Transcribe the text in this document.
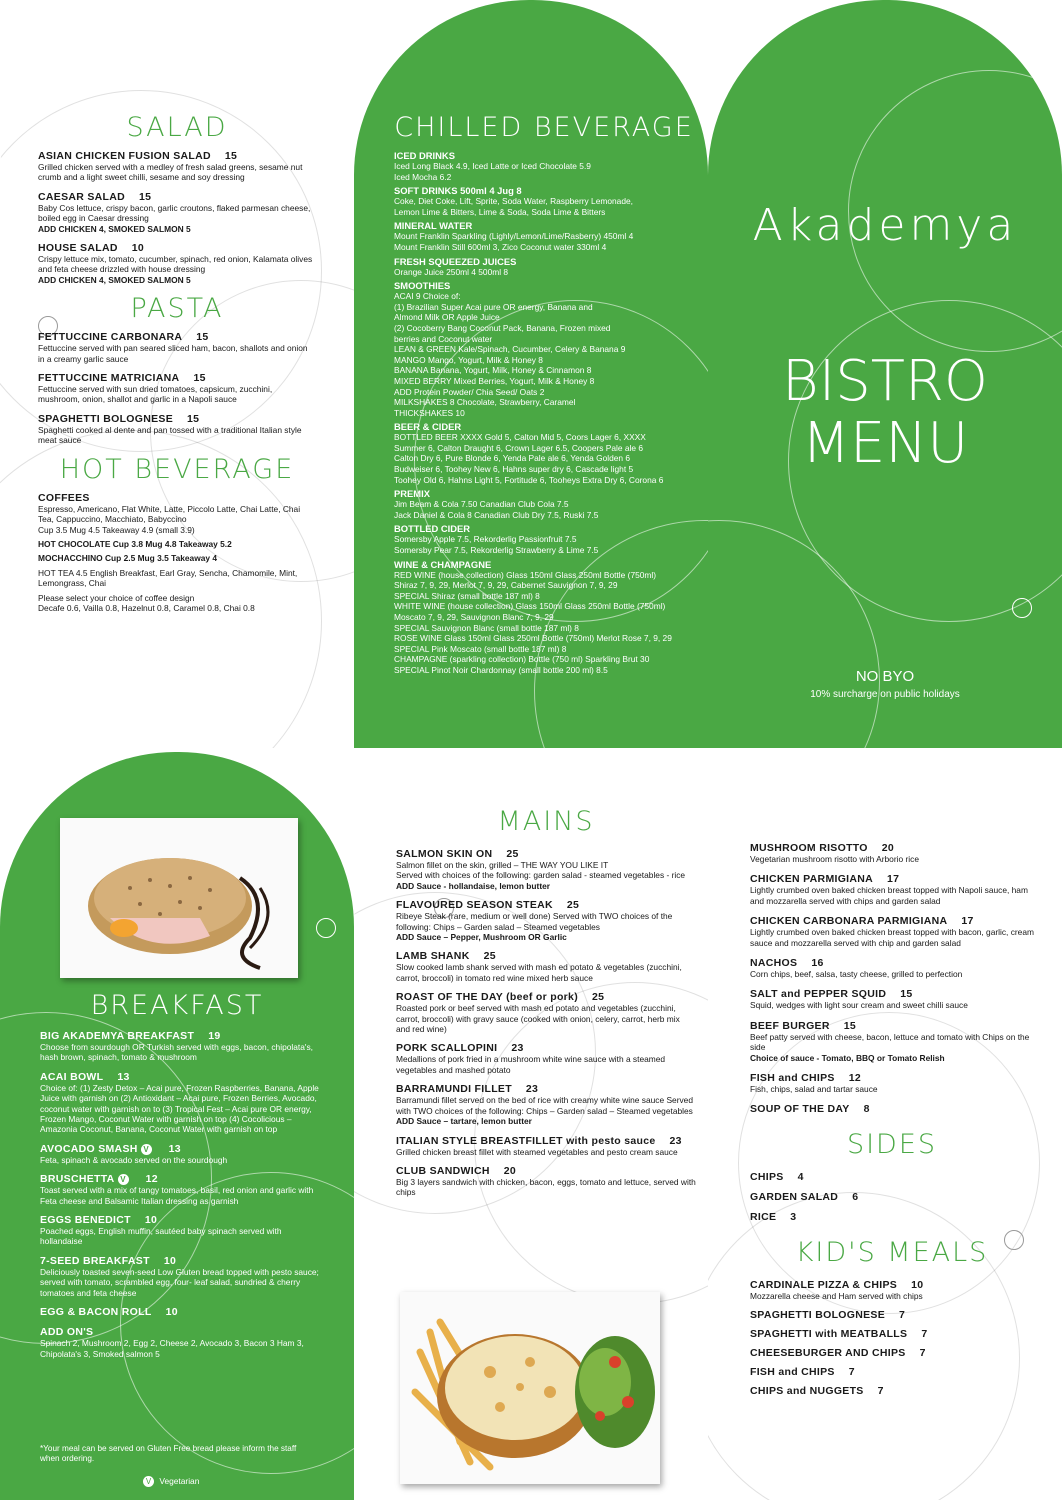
SALAD
ASIAN CHICKEN FUSION SALAD 15
Grilled chicken served with a medley of fresh salad greens, sesame nut crumb and a light sweet chilli, sesame and soy dressing
CAESAR SALAD 15
Baby Cos lettuce, crispy bacon, garlic croutons, flaked parmesan cheese, boiled egg in Caesar dressing
ADD CHICKEN 4, SMOKED SALMON 5
HOUSE SALAD 10
Crispy lettuce mix, tomato, cucumber, spinach, red onion, Kalamata olives and feta cheese drizzled with house dressing
ADD CHICKEN 4, SMOKED SALMON 5
PASTA
FETTUCCINE CARBONARA 15
Fettuccine served with pan seared sliced ham, bacon, shallots and onion in a creamy garlic sauce
FETTUCCINE MATRICIANA 15
Fettuccine served with sun dried tomatoes, capsicum, zucchini, mushroom, onion, shallot and garlic in a Napoli sauce
SPAGHETTI BOLOGNESE 15
Spaghetti cooked al dente and pan tossed with a traditional Italian style meat sauce
HOT BEVERAGE
COFFEES
Espresso, Americano, Flat White, Latte, Piccolo Latte, Chai Latte, Chai Tea, Cappuccino, Macchiato, Babyccino
Cup 3.5 Mug 4.5 Takeaway 4.9 (small 3.9)
HOT CHOCOLATE Cup 3.8 Mug 4.8 Takeaway 5.2
MOCHACCHINO Cup 2.5 Mug 3.5 Takeaway 4
HOT TEA 4.5 English Breakfast, Earl Gray, Sencha, Chamomile, Mint, Lemongrass, Chai
Please select your choice of coffee design
Decafe 0.6, Vailla 0.8, Hazelnut 0.8, Caramel 0.8, Chai 0.8
CHILLED BEVERAGE
ICED DRINKS
Iced Long Black 4.9, Iced Latte or Iced Chocolate 5.9
Iced Mocha 6.2
SOFT DRINKS 500ml 4 Jug 8
Coke, Diet Coke, Lift, Sprite, Soda Water, Raspberry Lemonade,
Lemon Lime & Bitters, Lime & Soda, Soda Lime & Bitters
MINERAL WATER
Mount Franklin Sparkling (Lighly/Lemon/Lime/Rasberry) 450ml 4
Mount Franklin Still 600ml 3, Zico Coconut water 330ml 4
FRESH SQUEEZED JUICES
Orange Juice 250ml 4 500ml 8
SMOOTHIES
ACAI 9 Choice of:
(1) Brazilian Super Acai pure OR energy, Banana and
Almond Milk OR Apple Juice
(2) Cocoberry Bang Coconut Pack, Banana, Frozen mixed
berries and Coconut water
LEAN & GREEN Kale/Spinach, Cucumber, Celery & Banana 9
MANGO Mango, Yogurt, Milk & Honey 8
BANANA Banana, Yogurt, Milk, Honey & Cinnamon 8
MIXED BERRY Mixed Berries, Yogurt, Milk & Honey 8
ADD Protein Powder/ Chia Seed/ Oats 2
MILKSHAKES 8 Chocolate, Strawberry, Caramel
THICKSHAKES 10
BEER & CIDER
BOTTLED BEER XXXX Gold 5, Calton Mid 5, Coors Lager 6, XXXX
Summer 6, Calton Draught 6, Crown Lager 6.5, Coopers Pale ale 6
Calton Dry 6, Pure Blonde 6, Yenda Pale ale 6, Yenda Golden 6
Budweiser 6, Toohey New 6, Hahns super dry 6, Cascade light 5
Toohey Old 6, Hahns Light 5, Fortitude 6, Tooheys Extra Dry 6, Corona 6
PREMIX
Jim Beam & Cola 7.50 Canadian Club Cola 7.5
Jack Daniel & Cola 8 Canadian Club Dry 7.5, Ruski 7.5
BOTTLED CIDER
Somersby Apple 7.5, Rekorderlig Passionfruit 7.5
Somersby Pear 7.5, Rekorderlig Strawberry & Lime 7.5
WINE & CHAMPAGNE
RED WINE (house collection) Glass 150ml Glass 250ml Bottle (750ml)
Shiraz 7, 9, 29, Merlot 7, 9, 29, Cabernet Sauvignon 7, 9, 29
SPECIAL Shiraz (small bottle 187 ml) 8
WHITE WINE (house collection) Glass 150ml Glass 250ml Bottle (750ml)
Moscato 7, 9, 29, Sauvignon Blanc 7, 9, 29
SPECIAL Sauvignon Blanc (small bottle 187 ml) 8
ROSE WINE Glass 150ml Glass 250ml Bottle (750ml) Merlot Rose 7, 9, 29
SPECIAL Pink Moscato (small bottle 187 ml) 8
CHAMPAGNE (sparkling collection) Bottle (750 ml) Sparkling Brut 30
SPECIAL Pinot Noir Chardonnay (small bottle 200 ml) 8.5
Akademya
BISTRO
MENU
NO BYO
10% surcharge on public holidays
BREAKFAST
BIG AKADEMYA BREAKFAST 19
Choose from sourdough OR Turkish served with eggs, bacon, chipolata's, hash brown, spinach, tomato & mushroom
ACAI BOWL 13
Choice of: (1) Zesty Detox – Acai pure, Frozen Raspberries, Banana, Apple Juice with garnish on (2) Antioxidant – Acai pure, Frozen Berries, Avocado, coconut water with garnish on to (3) Tropical Fest – Acai pure OR energy, Frozen Mango, Coconut Water with garnish on top (4) Cocolicious – Amazonia Coconut, Banana, Coconut Water with garnish on top
AVOCADO SMASH V 13
Feta, spinach & avocado served on the sourdough
BRUSCHETTA V 12
Toast served with a mix of tangy tomatoes, basil, red onion and garlic with Feta cheese and Balsamic Italian dressing as garnish
EGGS BENEDICT 10
Poached eggs, English muffin, sautéed baby spinach served with hollandaise
7-SEED BREAKFAST 10
Deliciously toasted seven-seed Low Gluten bread topped with pesto sauce; served with tomato, scrambled egg, four- leaf salad, sundried & cherry tomatoes and feta cheese
EGG & BACON ROLL 10
ADD ON'S
Spinach 2, Mushroom 2, Egg 2, Cheese 2, Avocado 3, Bacon 3 Ham 3, Chipolata's 3, Smoked salmon 5
*Your meal can be served on Gluten Free bread please inform the staff when ordering.
V Vegetarian
MAINS
SALMON SKIN ON 25
Salmon fillet on the skin, grilled – THE WAY YOU LIKE IT
Served with choices of the following: garden salad - steamed vegetables - rice
ADD Sauce - hollandaise, lemon butter
FLAVOURED SEASON STEAK 25
Ribeye Steak (rare, medium or well done) Served with TWO choices of the following: Chips – Garden salad – Steamed vegetables
ADD Sauce – Pepper, Mushroom OR Garlic
LAMB SHANK 25
Slow cooked lamb shank served with mash ed potato & vegetables (zucchini, carrot, broccoli) in tomato red wine mixed herb sauce
ROAST OF THE DAY (beef or pork) 25
Roasted pork or beef served with mash ed potato and vegetables (zucchini, carrot, broccoli) with gravy sauce (cooked with onion, celery, carrot, herb mix and red wine)
PORK SCALLOPINI 23
Medallions of pork fried in a mushroom white wine sauce with a steamed vegetables and mashed potato
BARRAMUNDI FILLET 23
Barramundi fillet served on the bed of rice with creamy white wine sauce Served with TWO choices of the following: Chips – Garden salad – Steamed vegetables
ADD Sauce – tartare, lemon butter
ITALIAN STYLE BREASTFILLET with pesto sauce 23
Grilled chicken breast fillet with steamed vegetables and pesto cream sauce
CLUB SANDWICH 20
Big 3 layers sandwich with chicken, bacon, eggs, tomato and lettuce, served with chips
MUSHROOM RISOTTO 20
Vegetarian mushroom risotto with Arborio rice
CHICKEN PARMIGIANA 17
Lightly crumbed oven baked chicken breast topped with Napoli sauce, ham and mozzarella served with chips and garden salad
CHICKEN CARBONARA PARMIGIANA 17
Lightly crumbed oven baked chicken breast topped with bacon, garlic, cream sauce and mozzarella served with chip and garden salad
NACHOS 16
Corn chips, beef, salsa, tasty cheese, grilled to perfection
SALT and PEPPER SQUID 15
Squid, wedges with light sour cream and sweet chilli sauce
BEEF BURGER 15
Beef patty served with cheese, bacon, lettuce and tomato with Chips on the side
Choice of sauce - Tomato, BBQ or Tomato Relish
FISH and CHIPS 12
Fish, chips, salad and tartar sauce
SOUP OF THE DAY 8
SIDES
CHIPS 4
GARDEN SALAD 6
RICE 3
KID'S MEALS
CARDINALE PIZZA & CHIPS 10
Mozzarella cheese and Ham served with chips
SPAGHETTI BOLOGNESE 7
SPAGHETTI with MEATBALLS 7
CHEESEBURGER AND CHIPS 7
FISH and CHIPS 7
CHIPS and NUGGETS 7
